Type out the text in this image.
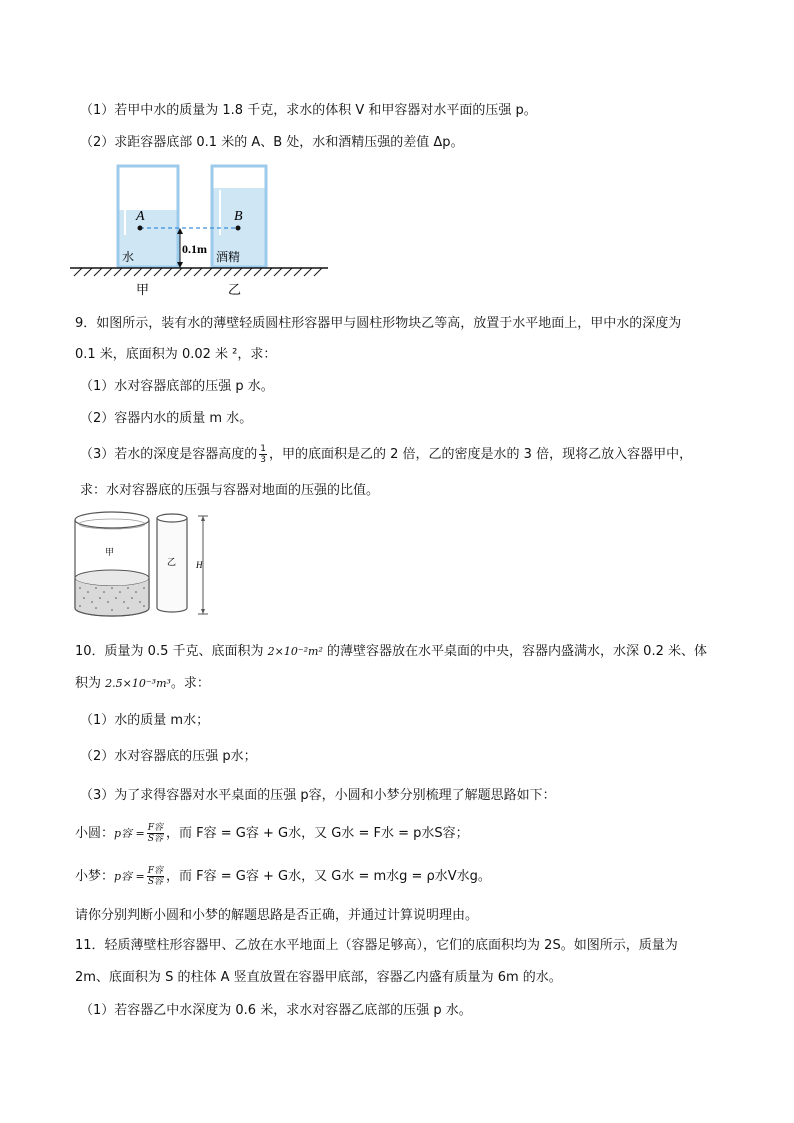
（1）若甲中水的质量为 1.8 千克，求水的体积 V 和甲容器对水平面的压强 p。
（2）求距容器底部 0.1 米的 A、B 处，水和酒精压强的差值 Δp。
A	B
0.1m
水	酒精
甲	乙
9．如图所示，装有水的薄壁轻质圆柱形容器甲与圆柱形物块乙等高，放置于水平地面上，甲中水的深度为
0.1 米，底面积为 0.02 米 ²，求：
（1）水对容器底部的压强 p 水。
（2）容器内水的质量 m 水。
（3）若水的深度是容器高度的 $\frac{1}{3}$ ，甲的底面积是乙的 2 倍，乙的密度是水的 3 倍，现将乙放入容器甲中，
求：水对容器底的压强与容器对地面的压强的比值。
甲
乙 H
10．质量为 0.5 千克、底面积为 2×10⁻²m² 的薄壁容器放在水平桌面的中央，容器内盛满水，水深 0.2 米、体
积为 2.5×10⁻³m³。求：
（1）水的质量 m水；
（2）水对容器底的压强 p水；
（3）为了求得容器对水平桌面的压强 p容，小圆和小梦分别梳理了解题思路如下：
小圆：p容 = $\frac{\text{F容}}{\text{S容}}$ ，而 F容 = G容 + G水，又 G水 = F水 = p水S容；
小梦：p容 = $\frac{\text{F容}}{\text{S容}}$ ，而 F容 = G容 + G水，又 G水 = m水g = ρ水V水g。
请你分别判断小圆和小梦的解题思路是否正确，并通过计算说明理由。
11．轻质薄壁柱形容器甲、乙放在水平地面上（容器足够高），它们的底面积均为 2S。如图所示，质量为
2m、底面积为 S 的柱体 A 竖直放置在容器甲底部，容器乙内盛有质量为 6m 的水。
（1）若容器乙中水深度为 0.6 米，求水对容器乙底部的压强 p 水。
